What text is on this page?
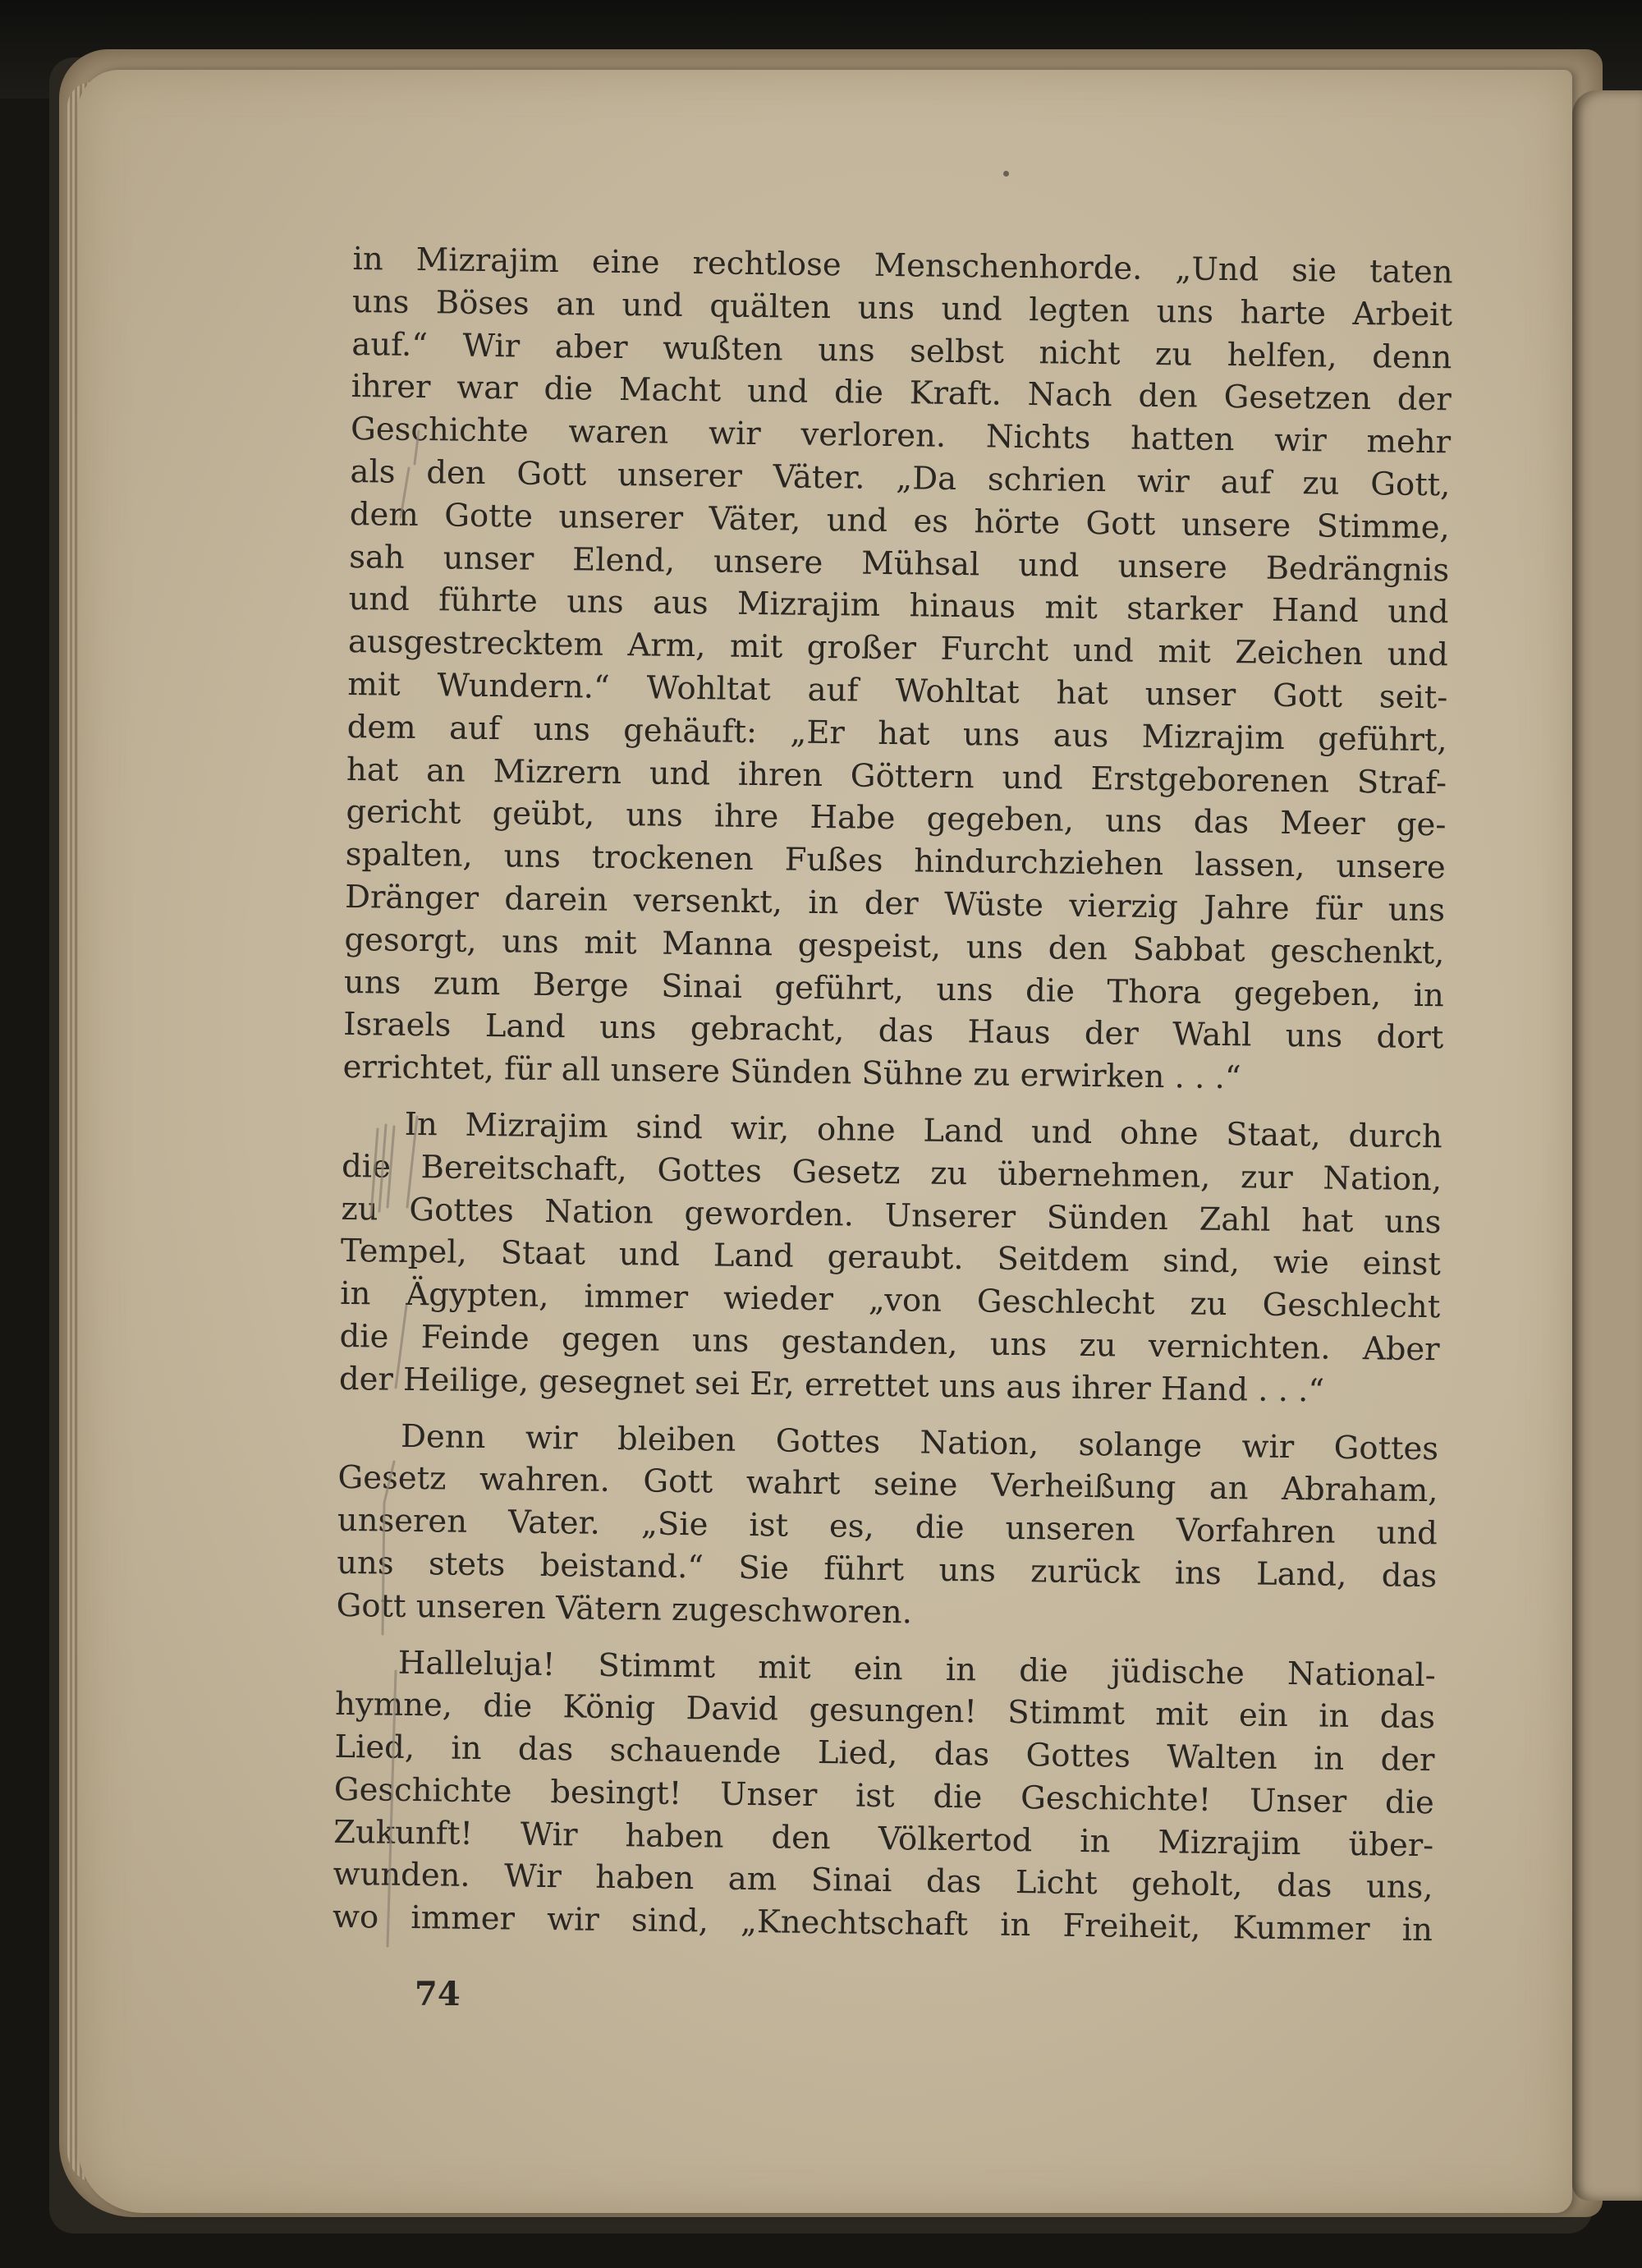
in Mizrajim eine rechtlose Menschenhorde. „Und sie taten
uns Böses an und quälten uns und legten uns harte Arbeit
auf.“ Wir aber wußten uns selbst nicht zu helfen, denn
ihrer war die Macht und die Kraft. Nach den Gesetzen der
Geschichte waren wir verloren. Nichts hatten wir mehr
als den Gott unserer Väter. „Da schrien wir auf zu Gott,
dem Gotte unserer Väter, und es hörte Gott unsere Stimme,
sah unser Elend, unsere Mühsal und unsere Bedrängnis
und führte uns aus Mizrajim hinaus mit starker Hand und
ausgestrecktem Arm, mit großer Furcht und mit Zeichen und
mit Wundern.“ Wohltat auf Wohltat hat unser Gott seit-
dem auf uns gehäuft: „Er hat uns aus Mizrajim geführt,
hat an Mizrern und ihren Göttern und Erstgeborenen Straf-
gericht geübt, uns ihre Habe gegeben, uns das Meer ge-
spalten, uns trockenen Fußes hindurchziehen lassen, unsere
Dränger darein versenkt, in der Wüste vierzig Jahre für uns
gesorgt, uns mit Manna gespeist, uns den Sabbat geschenkt,
uns zum Berge Sinai geführt, uns die Thora gegeben, in
Israels Land uns gebracht, das Haus der Wahl uns dort
errichtet, für all unsere Sünden Sühne zu erwirken . . .“
In Mizrajim sind wir, ohne Land und ohne Staat, durch
die Bereitschaft, Gottes Gesetz zu übernehmen, zur Nation,
zu Gottes Nation geworden. Unserer Sünden Zahl hat uns
Tempel, Staat und Land geraubt. Seitdem sind, wie einst
in Ägypten, immer wieder „von Geschlecht zu Geschlecht
die Feinde gegen uns gestanden, uns zu vernichten. Aber
der Heilige, gesegnet sei Er, errettet uns aus ihrer Hand . . .“
Denn wir bleiben Gottes Nation, solange wir Gottes
Gesetz wahren. Gott wahrt seine Verheißung an Abraham,
unseren Vater. „Sie ist es, die unseren Vorfahren und
uns stets beistand.“ Sie führt uns zurück ins Land, das
Gott unseren Vätern zugeschworen.
Halleluja! Stimmt mit ein in die jüdische National-
hymne, die König David gesungen! Stimmt mit ein in das
Lied, in das schauende Lied, das Gottes Walten in der
Geschichte besingt! Unser ist die Geschichte! Unser die
Zukunft! Wir haben den Völkertod in Mizrajim über-
wunden. Wir haben am Sinai das Licht geholt, das uns,
wo immer wir sind, „Knechtschaft in Freiheit, Kummer in
74
